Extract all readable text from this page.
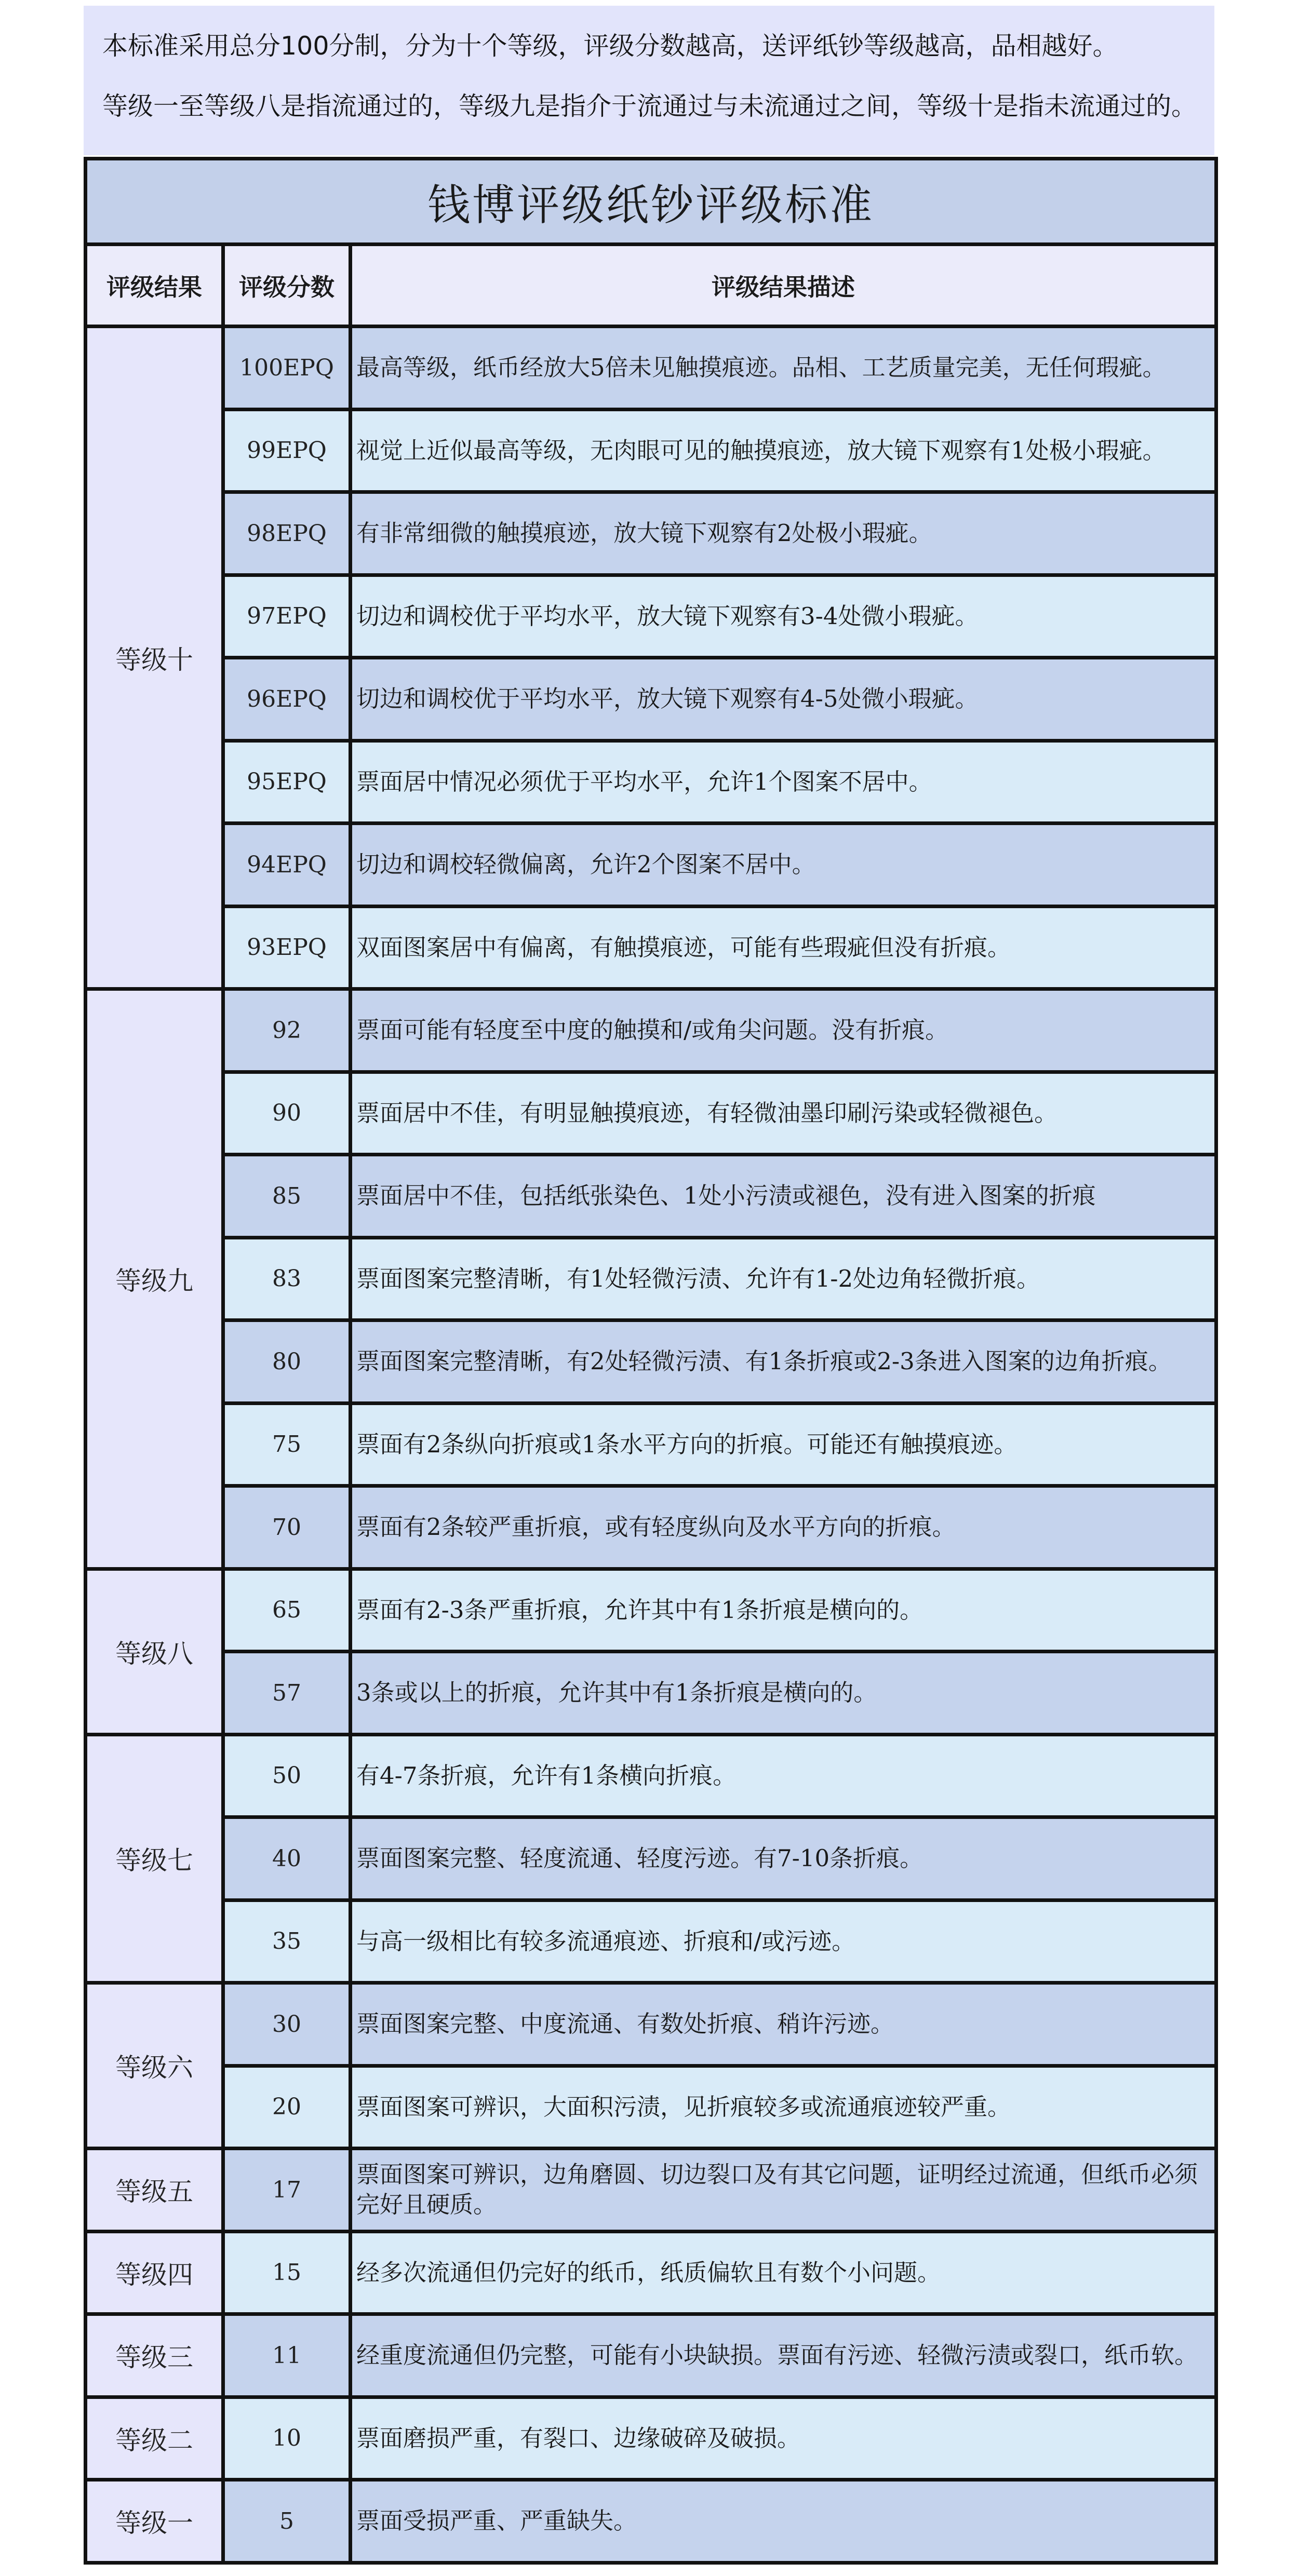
本标准采用总分100分制，分为十个等级，评级分数越高，送评纸钞等级越高，品相越好。

等级一至等级八是指流通过的，等级九是指介于流通过与未流通过之间，等级十是指未流通过的。

钱博评级纸钞评级标准		
评级结果	评级分数	评级结果描述
等级十	100EPQ	最高等级，纸币经放大5倍未见触摸痕迹。品相、工艺质量完美，无任何瑕疵。
	99EPQ	视觉上近似最高等级，无肉眼可见的触摸痕迹，放大镜下观察有1处极小瑕疵。
	98EPQ	有非常细微的触摸痕迹，放大镜下观察有2处极小瑕疵。
	97EPQ	切边和调校优于平均水平，放大镜下观察有3-4处微小瑕疵。
	96EPQ	切边和调校优于平均水平，放大镜下观察有4-5处微小瑕疵。
	95EPQ	票面居中情况必须优于平均水平，允许1个图案不居中。
	94EPQ	切边和调校轻微偏离，允许2个图案不居中。
	93EPQ	双面图案居中有偏离，有触摸痕迹，可能有些瑕疵但没有折痕。
等级九	92	票面可能有轻度至中度的触摸和/或角尖问题。没有折痕。
	90	票面居中不佳，有明显触摸痕迹，有轻微油墨印刷污染或轻微褪色。
	85	票面居中不佳，包括纸张染色、1处小污渍或褪色，没有进入图案的折痕
	83	票面图案完整清晰，有1处轻微污渍、允许有1-2处边角轻微折痕。
	80	票面图案完整清晰，有2处轻微污渍、有1条折痕或2-3条进入图案的边角折痕。
	75	票面有2条纵向折痕或1条水平方向的折痕。可能还有触摸痕迹。
	70	票面有2条较严重折痕，或有轻度纵向及水平方向的折痕。
等级八	65	票面有2-3条严重折痕，允许其中有1条折痕是横向的。
	57	3条或以上的折痕，允许其中有1条折痕是横向的。
等级七	50	有4-7条折痕，允许有1条横向折痕。
	40	票面图案完整、轻度流通、轻度污迹。有7-10条折痕。
	35	与高一级相比有较多流通痕迹、折痕和/或污迹。
等级六	30	票面图案完整、中度流通、有数处折痕、稍许污迹。
	20	票面图案可辨识，大面积污渍，见折痕较多或流通痕迹较严重。
等级五	17	票面图案可辨识，边角磨圆、切边裂口及有其它问题，证明经过流通，但纸币必须完好且硬质。
等级四	15	经多次流通但仍完好的纸币，纸质偏软且有数个小问题。
等级三	11	经重度流通但仍完整，可能有小块缺损。票面有污迹、轻微污渍或裂口，纸币软。
等级二	10	票面磨损严重，有裂口、边缘破碎及破损。
等级一	5	票面受损严重、严重缺失。
